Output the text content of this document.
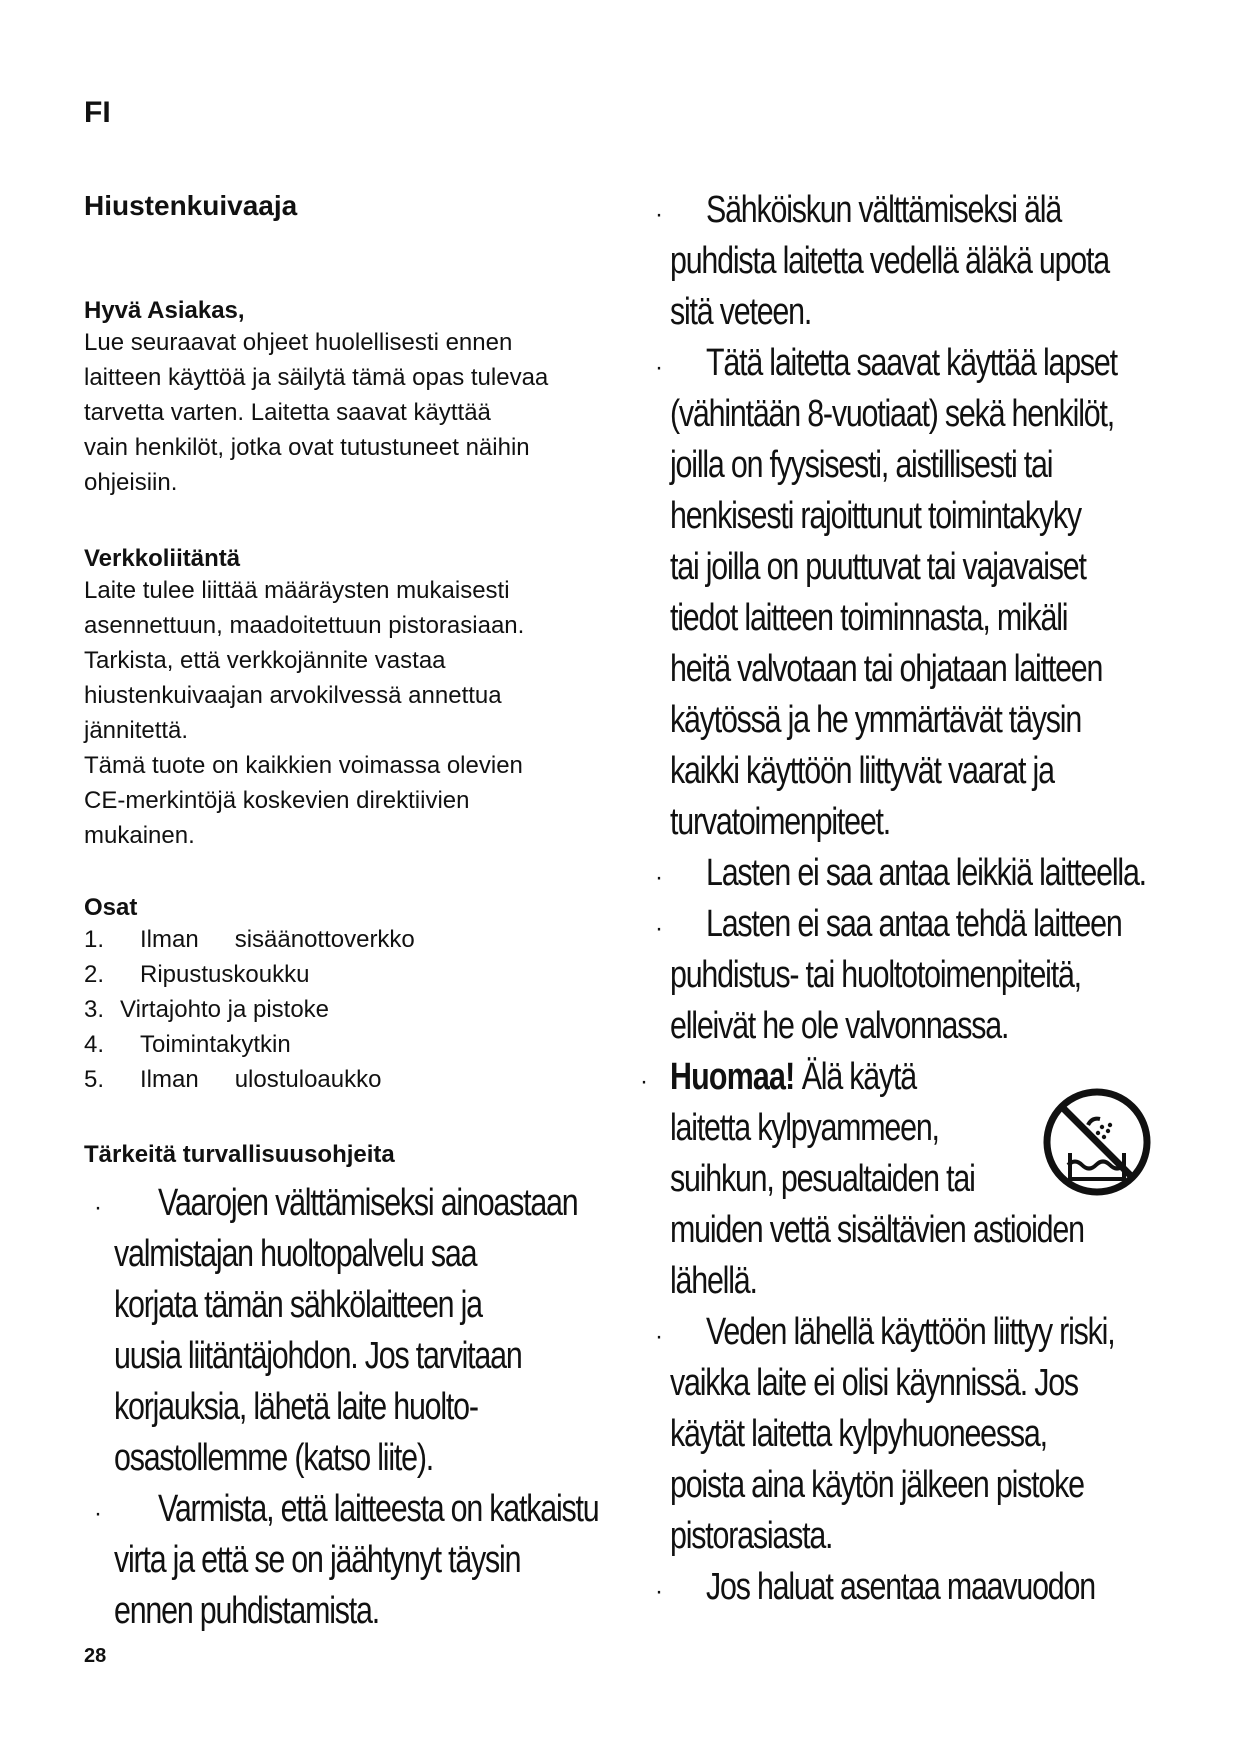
FI
Hiustenkuivaaja

Hyvä Asiakas,

Lue seuraavat ohjeet huolellisesti ennen

laitteen käyttöä ja säilytä tämä opas tulevaa

tarvetta varten. Laitetta saavat käyttää

vain henkilöt, jotka ovat tutustuneet näihin

ohjeisiin.

Verkkoliitäntä

Laite tulee liittää määräysten mukaisesti

asennettuun, maadoitettuun pistorasiaan.

Tarkista, että verkkojännite vastaa

hiustenkuivaajan arvokilvessä annettua

jännitettä.

Tämä tuote on kaikkien voimassa olevien

CE-merkintöjä koskevien direktiivien

mukainen.

Osat

1. Ilman sisäänottoverkko
2. Ripustuskoukku
3. Virtajohto ja pistoke
4. Toimintakytkin
5. Ilman ulostuloaukko

Tärkeitä turvallisuusohjeita

·	Vaarojen välttämiseksi ainoastaan

valmistajan huoltopalvelu saa

korjata tämän sähkölaitteen ja

uusia liitäntäjohdon. Jos tarvitaan

korjauksia, lähetä laite huolto-

osastollemme (katso liite).

·	Varmista, että laitteesta on katkaistu

virta ja että se on jäähtynyt täysin

ennen puhdistamista.

28
·	Sähköiskun välttämiseksi älä

puhdista laitetta vedellä äläkä upota

sitä veteen.

·	Tätä laitetta saavat käyttää lapset

(vähintään 8-vuotiaat) sekä henkilöt,

joilla on fyysisesti, aistillisesti tai

henkisesti rajoittunut toimintakyky

tai joilla on puuttuvat tai vajavaiset

tiedot laitteen toiminnasta, mikäli

heitä valvotaan tai ohjataan laitteen

käytössä ja he ymmärtävät täysin

kaikki käyttöön liittyvät vaarat ja

turvatoimenpiteet.

·	Lasten ei saa antaa leikkiä laitteella.

·	Lasten ei saa antaa tehdä laitteen

puhdistus- tai huoltotoimenpiteitä,

elleivät he ole valvonnassa.

· Huomaa! Älä käytä

laitetta kylpyammeen,

suihkun, pesualtaiden tai

muiden vettä sisältävien astioiden

lähellä.

·	Veden lähellä käyttöön liittyy riski,

vaikka laite ei olisi käynnissä. Jos

käytät laitetta kylpyhuoneessa,

poista aina käytön jälkeen pistoke

pistorasiasta.

·	Jos haluat asentaa maavuodon
